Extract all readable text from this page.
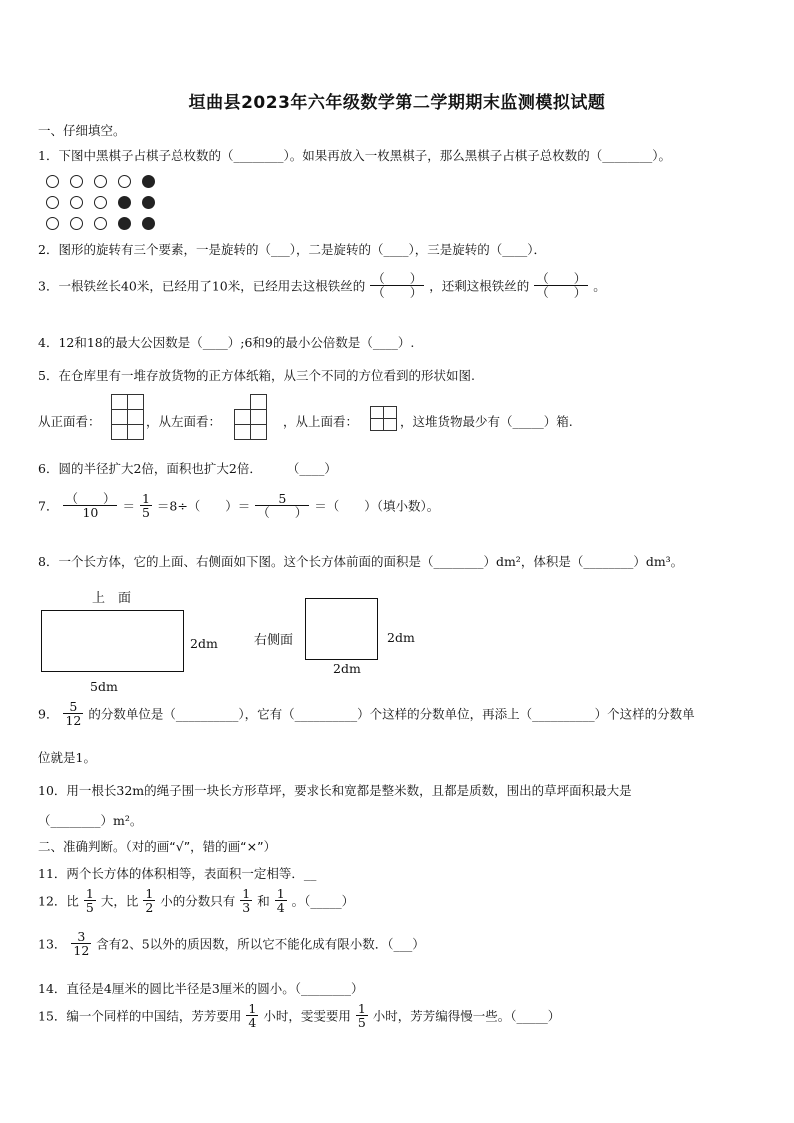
垣曲县2023年六年级数学第二学期期末监测模拟试题
一、仔细填空。
1．下图中黑棋子占棋子总枚数的（________）。如果再放入一枚黑棋子，那么黑棋子占棋子总枚数的（________）。
2．图形的旋转有三个要素，一是旋转的（___），二是旋转的（____），三是旋转的（____）．
3．一根铁丝长40米，已经用了10米，已经用去这根铁丝的 $\frac{( )}{( )}$ ，还剩这根铁丝的 $\frac{( )}{( )}$ 。
4．12和18的最大公因数是（____）;6和9的最小公倍数是（____）.
5．在仓库里有一堆存放货物的正方体纸箱，从三个不同的方位看到的形状如图.
从正面看：	，从左面看：	，从上面看：	，这堆货物最少有（_____）箱.
6．圆的半径扩大2倍，面积也扩大2倍．　　　（____）
7． $\frac{( )}{10} = \frac{1}{5} =8\div$（　　）＝ $\frac{5}{( )}$ ＝（　　）（填小数）。
8．一个长方体，它的上面、右侧面如下图。这个长方体前面的面积是（________）dm²，体积是（________）dm³。
上　面
2dm
5dm
右侧面	2dm
2dm
9． $\frac{5}{12}$ 的分数单位是（__________），它有（__________）个这样的分数单位，再添上（__________）个这样的分数单
位就是1。
10．用一根长32m的绳子围一块长方形草坪，要求长和宽都是整米数，且都是质数，围出的草坪面积最大是
（________）m²。
二、准确判断。（对的画“√”，错的画“×”）
11．两个长方体的体积相等，表面积一定相等．__
12．比 $\frac{1}{5}$ 大，比 $\frac{1}{2}$ 小的分数只有 $\frac{1}{3}$ 和 $\frac{1}{4}$ 。（_____）
13． $\frac{3}{12}$ 含有2、5以外的质因数，所以它不能化成有限小数．（___）
14．直径是4厘米的圆比半径是3厘米的圆小。（________）
15．编一个同样的中国结，芳芳要用 $\frac{1}{4}$ 小时，雯雯要用 $\frac{1}{5}$ 小时，芳芳编得慢一些。（_____）
